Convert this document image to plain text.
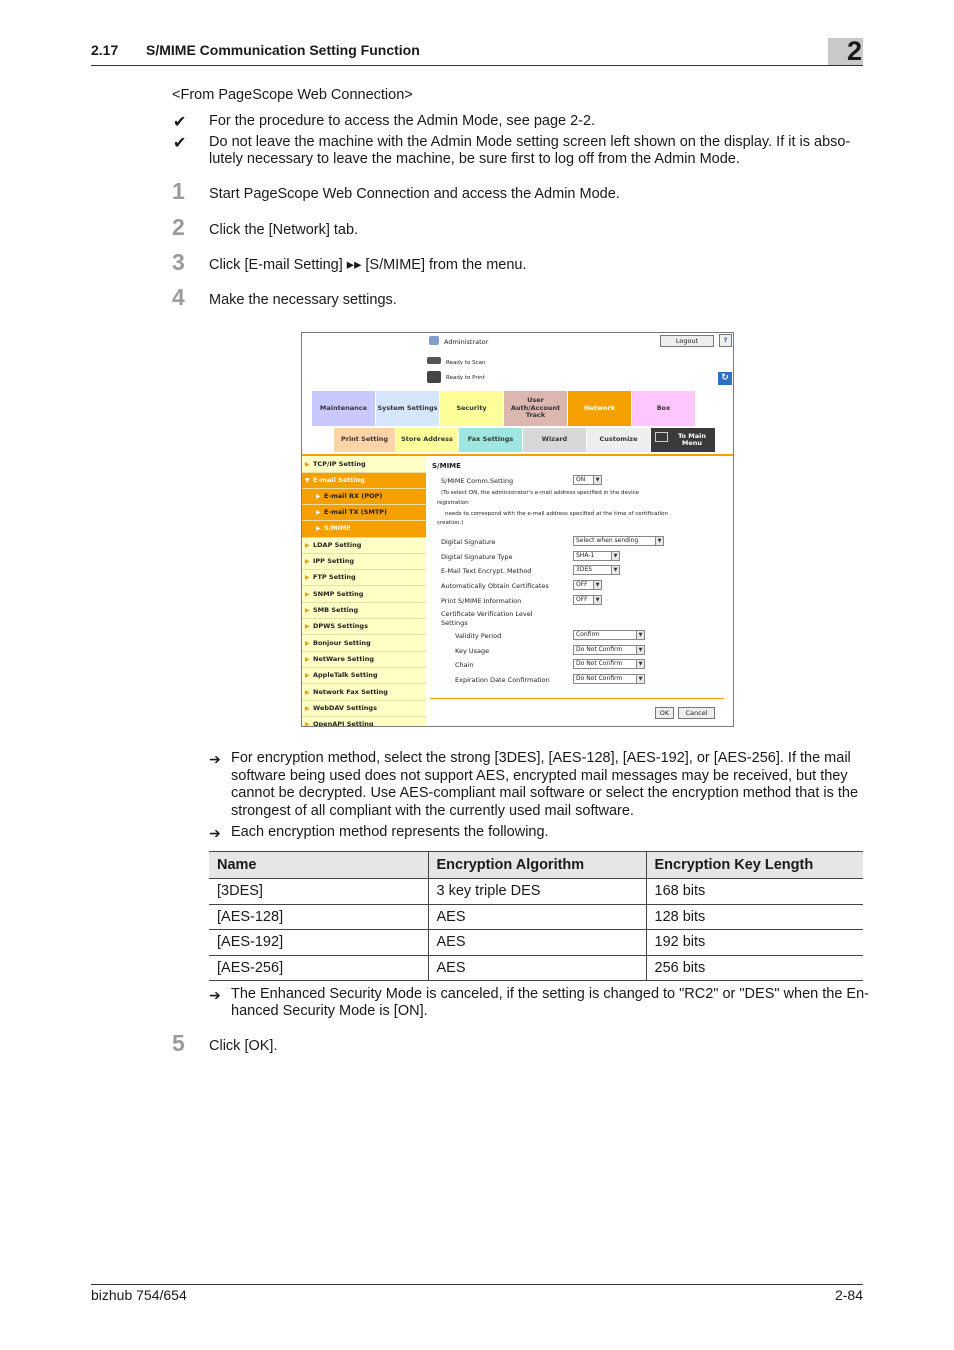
2.17 S/MIME Communication Setting Function	2
<From PageScope Web Connection>
✔ For the procedure to access the Admin Mode, see page 2-2.
✔ Do not leave the machine with the Admin Mode setting screen left shown on the display. If it is abso-
lutely necessary to leave the machine, be sure first to log off from the Admin Mode.
1 Start PageScope Web Connection and access the Admin Mode.
2 Click the [Network] tab.
3 Click [E-mail Setting] ▸▸ [S/MIME] from the menu.
4 Make the necessary settings.
Administrator	Logout	?
Ready to Scan
Ready to Print	↻
Maintenance	System Settings	Security
User Auth/Account Track
Network	Box
Print Setting	Store Address	Fax Settings	Wizard	Customize	To Main Menu
▶ TCP/IP Setting
▼ E-mail Setting
▶ E-mail RX (POP)
▶ E-mail TX (SMTP)
▶ S/MIME
▶ LDAP Setting
▶ IPP Setting
▶ FTP Setting
▶ SNMP Setting
▶ SMB Setting
▶ DPWS Settings
▶ Bonjour Setting
▶ NetWare Setting
▶ AppleTalk Setting
▶ Network Fax Setting
▶ WebDAV Settings
▶ OpenAPI Setting
S/MIME
S/MIME Comm.Setting	ON	▼
(To select ON, the administrator's e-mail address specified in the device
registration
needs to correspond with the e-mail address specified at the time of certification
creation.)
Digital Signature	Select when sending	▼
Digital Signature Type	SHA-1	▼
E-Mail Text Encrypt. Method	3DES	▼
Automatically Obtain Certificates	OFF	▼
Print S/MIME Information	OFF	▼
Certificate Verification Level
Settings
Validity Period	Confirm	▼
Key Usage	Do Not Confirm	▼
Chain	Do Not Confirm	▼
Expiration Date Confirmation	Do Not Confirm	▼
OK	Cancel
➔ For encryption method, select the strong [3DES], [AES-128], [AES-192], or [AES-256]. If the mail
software being used does not support AES, encrypted mail messages may be received, but they
cannot be decrypted. Use AES-compliant mail software or select the encryption method that is the
strongest of all compliant with the currently used mail software.
➔ Each encryption method represents the following.
Name	Encryption Algorithm	Encryption Key Length
[3DES]	3 key triple DES	168 bits
[AES-128]	AES	128 bits
[AES-192]	AES	192 bits
[AES-256]	AES	256 bits
➔ The Enhanced Security Mode is canceled, if the setting is changed to "RC2" or "DES" when the En-
hanced Security Mode is [ON].
5 Click [OK].
bizhub 754/654	2-84
